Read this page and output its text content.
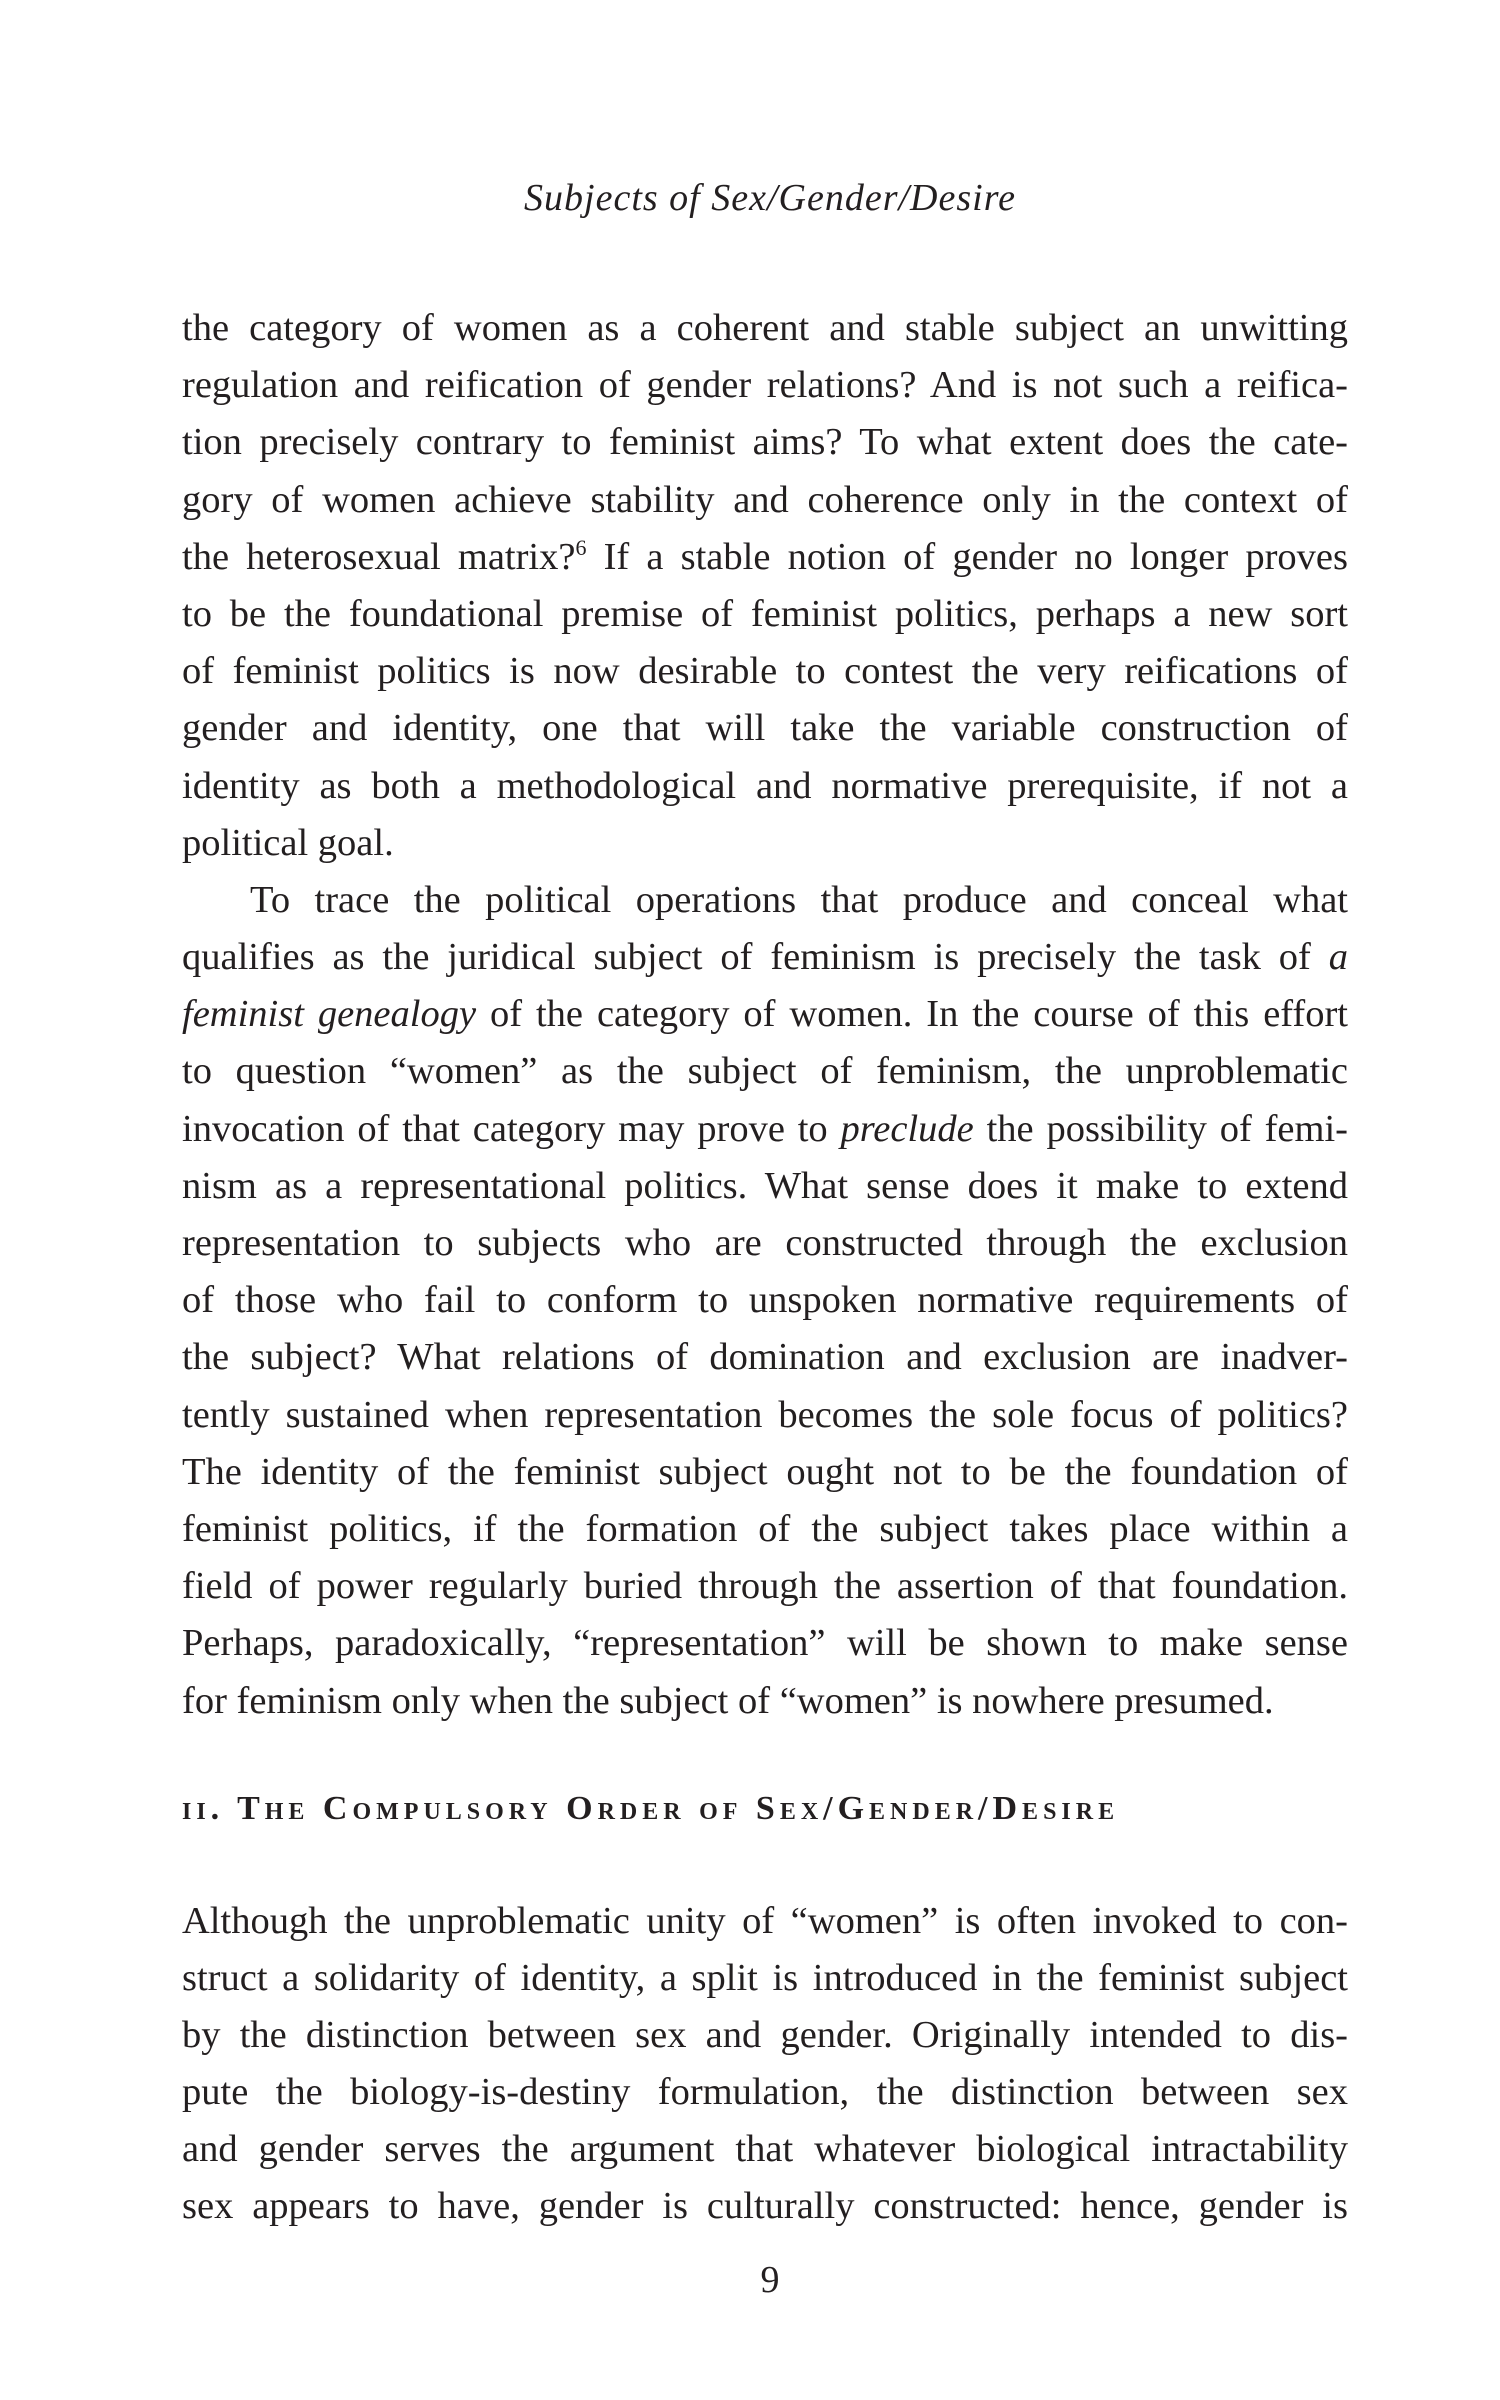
Subjects of Sex/Gender/Desire

the category of women as a coherent and stable subject an unwitting
regulation and reification of gender relations? And is not such a reifica-
tion precisely contrary to feminist aims? To what extent does the cate-
gory of women achieve stability and coherence only in the context of
the heterosexual matrix?$^6$ If a stable notion of gender no longer proves
to be the foundational premise of feminist politics, perhaps a new sort
of feminist politics is now desirable to contest the very reifications of
gender and identity, one that will take the variable construction of
identity as both a methodological and normative prerequisite, if not a
political goal.

To trace the political operations that produce and conceal what
qualifies as the juridical subject of feminism is precisely the task of a
feminist genealogy of the category of women. In the course of this effort
to question “women” as the subject of feminism, the unproblematic
invocation of that category may prove to preclude the possibility of femi-
nism as a representational politics. What sense does it make to extend
representation to subjects who are constructed through the exclusion
of those who fail to conform to unspoken normative requirements of
the subject? What relations of domination and exclusion are inadver-
tently sustained when representation becomes the sole focus of politics?
The identity of the feminist subject ought not to be the foundation of
feminist politics, if the formation of the subject takes place within a
field of power regularly buried through the assertion of that foundation.
Perhaps, paradoxically, “representation” will be shown to make sense
for feminism only when the subject of “women” is nowhere presumed.

ii. The Compulsory Order of Sex/Gender/Desire

Although the unproblematic unity of “women” is often invoked to con-
struct a solidarity of identity, a split is introduced in the feminist subject
by the distinction between sex and gender. Originally intended to dis-
pute the biology-is-destiny formulation, the distinction between sex
and gender serves the argument that whatever biological intractability
sex appears to have, gender is culturally constructed: hence, gender is

9
